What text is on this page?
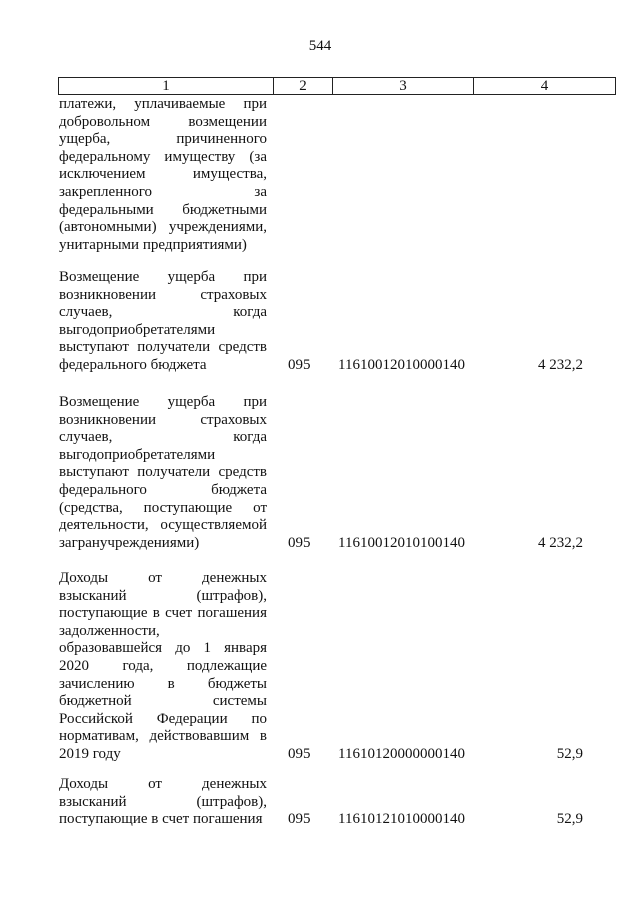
544
1	2	3	4
платежи, уплачиваемые при
добровольном возмещении
ущерба, причиненного
федеральному имуществу (за
исключением имущества,
закрепленного за
федеральными бюджетными
(автономными) учреждениями,
унитарными предприятиями)
Возмещение ущерба при
возникновении страховых
случаев, когда
выгодоприобретателями
выступают получатели средств
федерального бюджета	095 11610012010000140	4 232,2
Возмещение ущерба при
возникновении страховых
случаев, когда
выгодоприобретателями
выступают получатели средств
федерального бюджета
(средства, поступающие от
деятельности, осуществляемой
загранучреждениями)	095 11610012010100140	4 232,2
Доходы от денежных
взысканий (штрафов),
поступающие в счет погашения
задолженности,
образовавшейся до 1 января
2020 года, подлежащие
зачислению в бюджеты
бюджетной системы
Российской Федерации по
нормативам, действовавшим в
2019 году	095 11610120000000140	52,9
Доходы от денежных
взысканий (штрафов),
поступающие в счет погашения	095 11610121010000140	52,9
